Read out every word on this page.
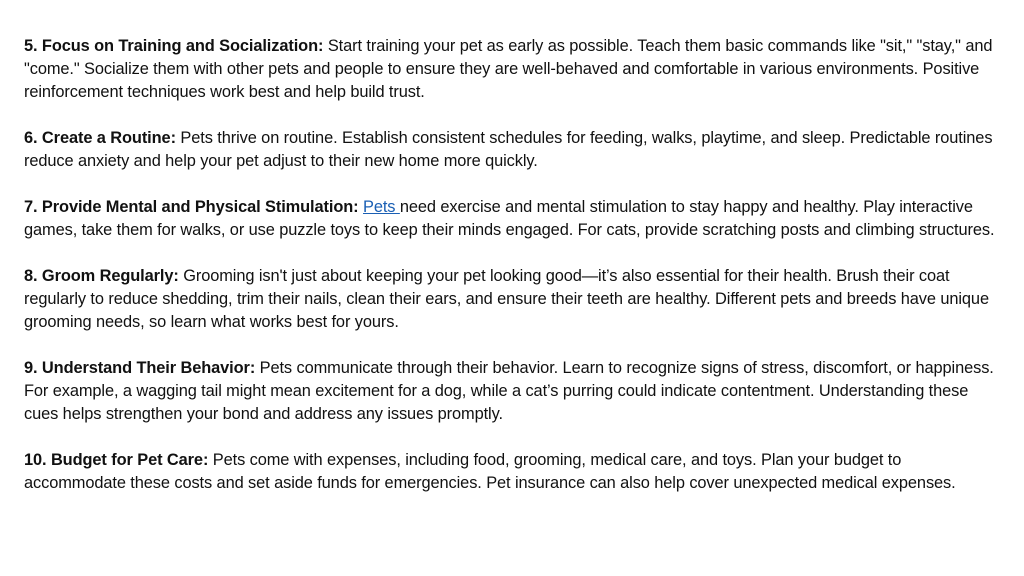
5. Focus on Training and Socialization: Start training your pet as early as possible. Teach them basic commands like "sit," "stay," and "come." Socialize them with other pets and people to ensure they are well-behaved and comfortable in various environments. Positive reinforcement techniques work best and help build trust.

6. Create a Routine: Pets thrive on routine. Establish consistent schedules for feeding, walks, playtime, and sleep. Predictable routines reduce anxiety and help your pet adjust to their new home more quickly.

7. Provide Mental and Physical Stimulation: Pets need exercise and mental stimulation to stay happy and healthy. Play interactive games, take them for walks, or use puzzle toys to keep their minds engaged. For cats, provide scratching posts and climbing structures.

8. Groom Regularly: Grooming isn't just about keeping your pet looking good—it’s also essential for their health. Brush their coat regularly to reduce shedding, trim their nails, clean their ears, and ensure their teeth are healthy. Different pets and breeds have unique grooming needs, so learn what works best for yours.

9. Understand Their Behavior: Pets communicate through their behavior. Learn to recognize signs of stress, discomfort, or happiness. For example, a wagging tail might mean excitement for a dog, while a cat’s purring could indicate contentment. Understanding these cues helps strengthen your bond and address any issues promptly.

10. Budget for Pet Care: Pets come with expenses, including food, grooming, medical care, and toys. Plan your budget to accommodate these costs and set aside funds for emergencies. Pet insurance can also help cover unexpected medical expenses.
